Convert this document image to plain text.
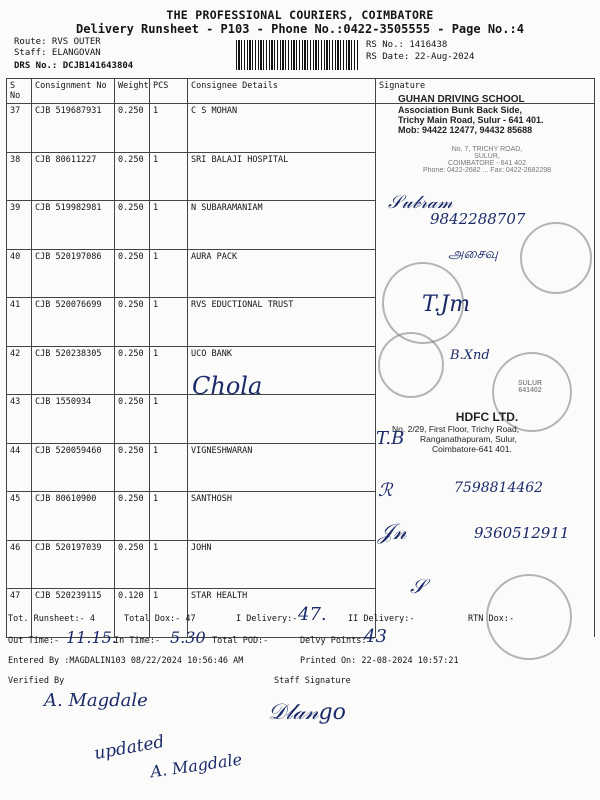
THE PROFESSIONAL COURIERS, COIMBATORE
Delivery Runsheet - P103 - Phone No.:0422-3505555 - Page No.:4
Route: RVS OUTER
Staff: ELANGOVAN
DRS No.: DCJB141643804
RS No.: 1416438
RS Date: 22-Aug-2024
S No	Consignment No	Weight	PCS	Consignee Details	Signature
37	CJB 519687931	0.250	1	C S MOHAN	
38	CJB 80611227	0.250	1	SRI BALAJI HOSPITAL	
39	CJB 519982981	0.250	1	N SUBARAMANIAM	
40	CJB 520197086	0.250	1	AURA PACK	
41	CJB 520076699	0.250	1	RVS EDUCTIONAL TRUST	
42	CJB 520238305	0.250	1	UCO BANK	
43	CJB 1550934	0.250	1		
44	CJB 520059460	0.250	1	VIGNESHWARAN	
45	CJB 80610900	0.250	1	SANTHOSH	
46	CJB 520197039	0.250	1	JOHN	
47	CJB 520239115	0.120	1	STAR HEALTH	
Chola	SULUR
641402
GUHAN DRIVING SCHOOL
Association Bunk Back Side,
Trichy Main Road, Sulur - 641 401.
Mob: 94422 12477, 94432 85688
No. 7, TRICHY ROAD,
SULUR,
COIMBATORE - 641 402
Phone: 0422-2682 ... Fax: 0422-2682298
𝒮𝓊𝒷𝓇𝒶𝓂
9842288707
அசைவு
T.Jm
B.Xnd
HDFC LTD.
No. 2/29, First Floor, Trichy Road,
Ranganathapuram, Sulur,
Coimbatore-641 401.
T.B
ℛ	7598814462
𝒥𝓃	9360512911
𝒮
Tot. Runsheet:- 4	Total Dox:- 47	I Delivery:- 47.	II Delivery:-	RTN Dox:-
Out Time:- 11.15.
In Time:- 5.30 Total POD:-	Delvy Points:
43
Entered By :MAGDALIN103 08/22/2024 10:56:46 AM	Printed On: 22-08-2024 10:57:21
Verified By	Staff Signature
A. Magdale	𝒟𝓁𝒶𝓃𝑔𝑜
updated
A. Magdale
